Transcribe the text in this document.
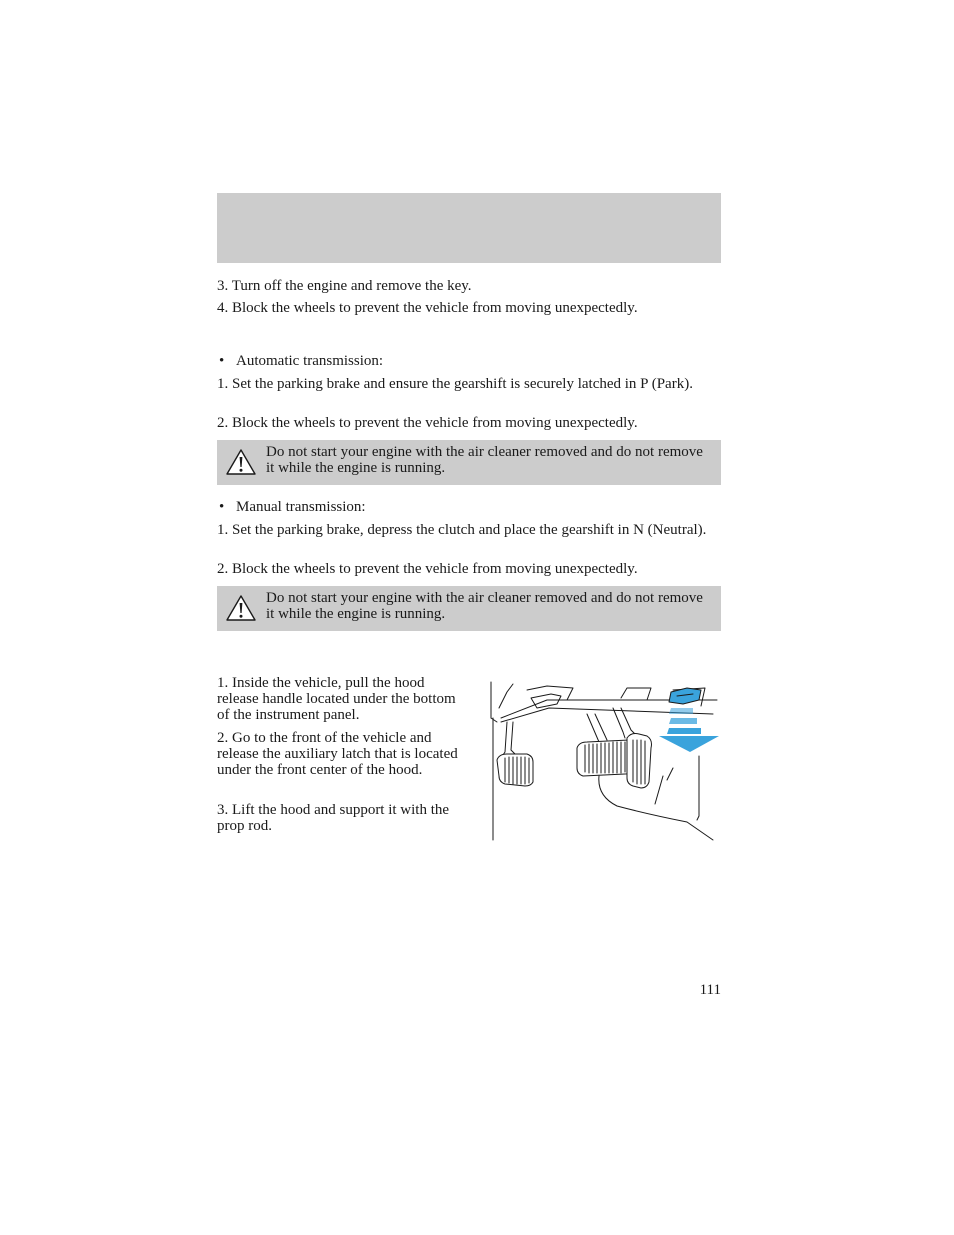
3. Turn off the engine and remove the key.

4. Block the wheels to prevent the vehicle from moving unexpectedly.

• Automatic transmission:

1. Set the parking brake and ensure the gearshift is securely latched in P (Park).

2. Block the wheels to prevent the vehicle from moving unexpectedly.

Do not start your engine with the air cleaner removed and do not remove it while the engine is running.
• Manual transmission:

1. Set the parking brake, depress the clutch and place the gearshift in N (Neutral).

2. Block the wheels to prevent the vehicle from moving unexpectedly.

Do not start your engine with the air cleaner removed and do not remove it while the engine is running.

1. Inside the vehicle, pull the hood release handle located under the bottom of the instrument panel.

2. Go to the front of the vehicle and release the auxiliary latch that is located under the front center of the hood.

3. Lift the hood and support it with the prop rod.

111
